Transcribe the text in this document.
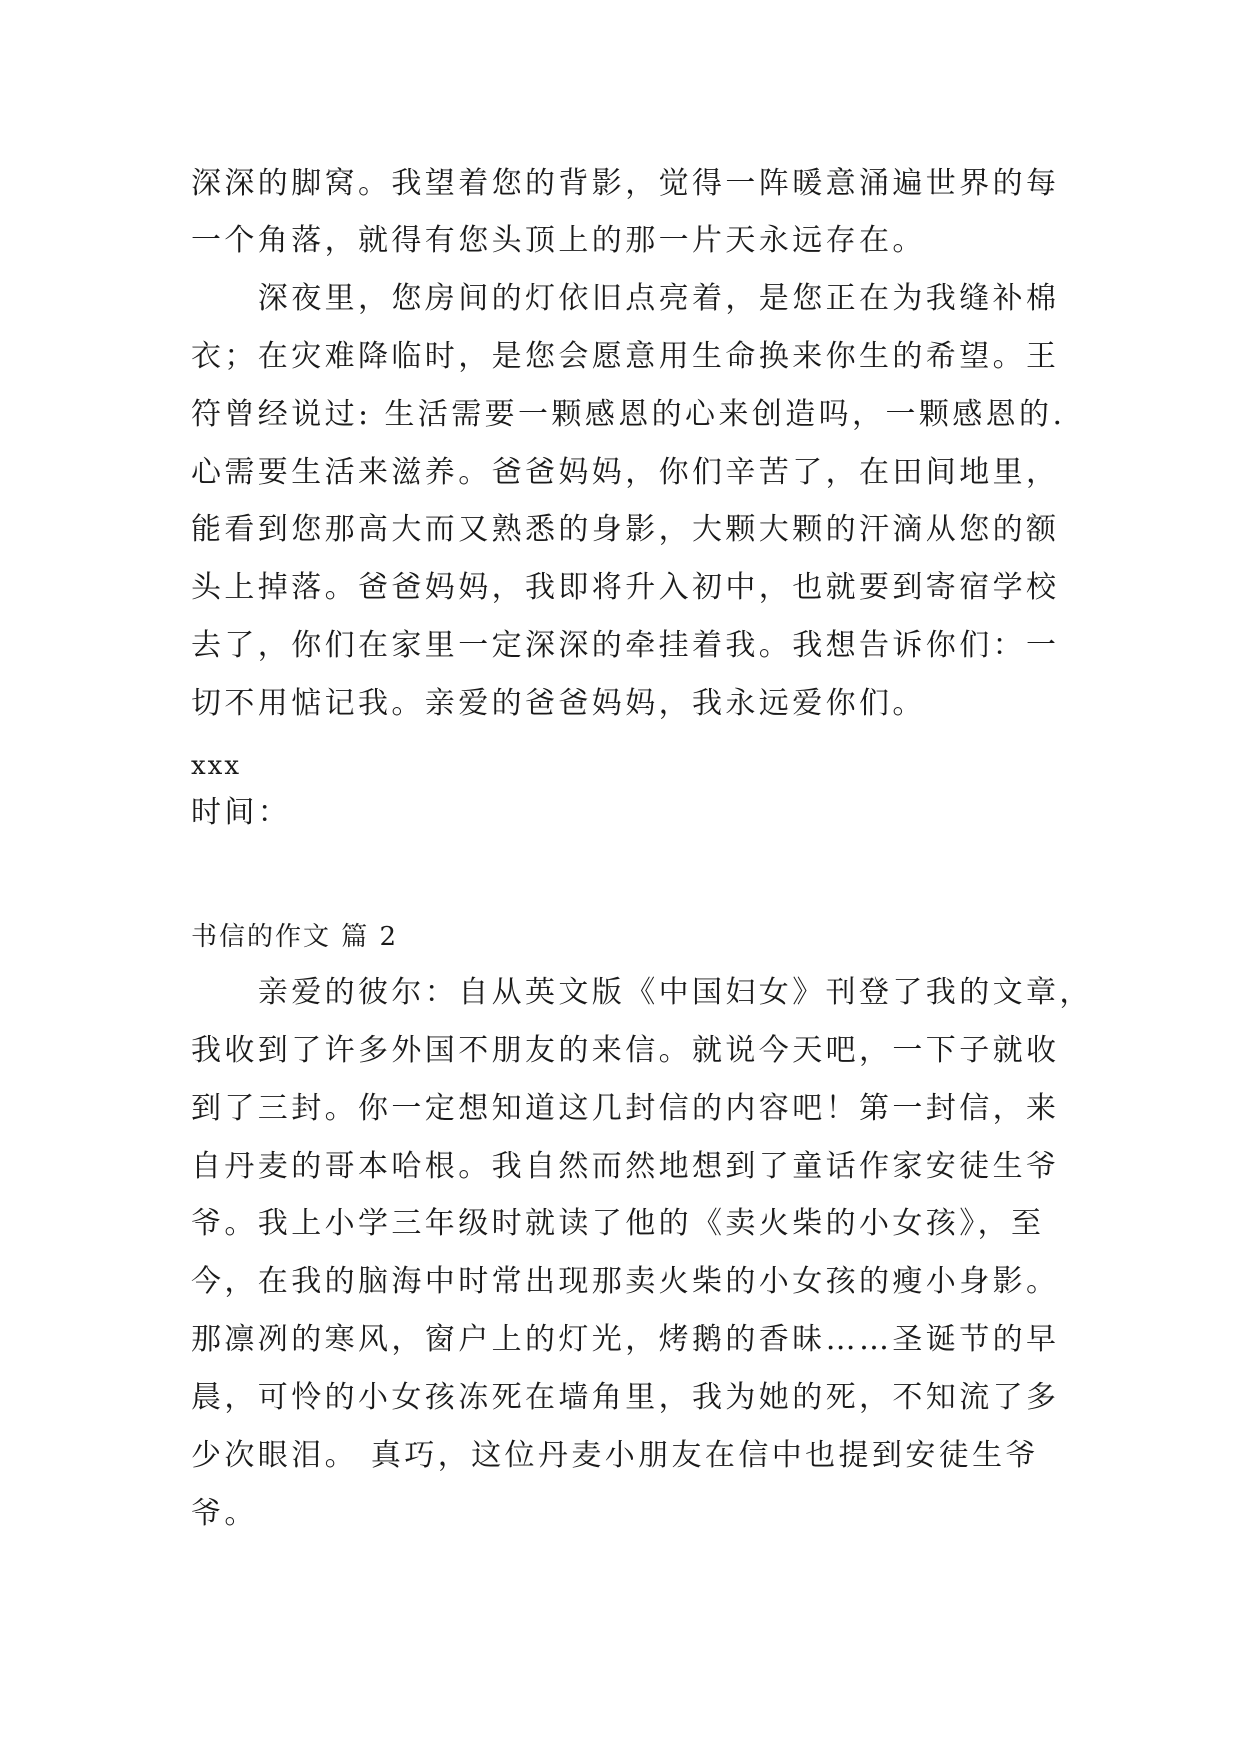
深深的脚窝。我望着您的背影，觉得一阵暖意涌遍世界的每
一个角落，就得有您头顶上的那一片天永远存在。
　　深夜里，您房间的灯依旧点亮着，是您正在为我缝补棉
衣；在灾难降临时，是您会愿意用生命换来你生的希望。王
符曾经说过: 生活需要一颗感恩的心来创造吗，一颗感恩的.
心需要生活来滋养。爸爸妈妈，你们辛苦了，在田间地里，
能看到您那高大而又熟悉的身影，大颗大颗的汗滴从您的额
头上掉落。爸爸妈妈，我即将升入初中，也就要到寄宿学校
去了，你们在家里一定深深的牵挂着我。我想告诉你们：一
切不用惦记我。亲爱的爸爸妈妈，我永远爱你们。
xxx
时间：
书信的作文 篇 2
　　亲爱的彼尔：自从英文版《中国妇女》刊登了我的文章，
我收到了许多外国不朋友的来信。就说今天吧，一下子就收
到了三封。你一定想知道这几封信的内容吧！第一封信，来
自丹麦的哥本哈根。我自然而然地想到了童话作家安徒生爷
爷。我上小学三年级时就读了他的《卖火柴的小女孩》，至
今，在我的脑海中时常出现那卖火柴的小女孩的瘦小身影。
那凛冽的寒风，窗户上的灯光，烤鹅的香昧……圣诞节的早
晨，可怜的小女孩冻死在墙角里，我为她的死，不知流了多
少次眼泪。 真巧，这位丹麦小朋友在信中也提到安徒生爷
爷。
